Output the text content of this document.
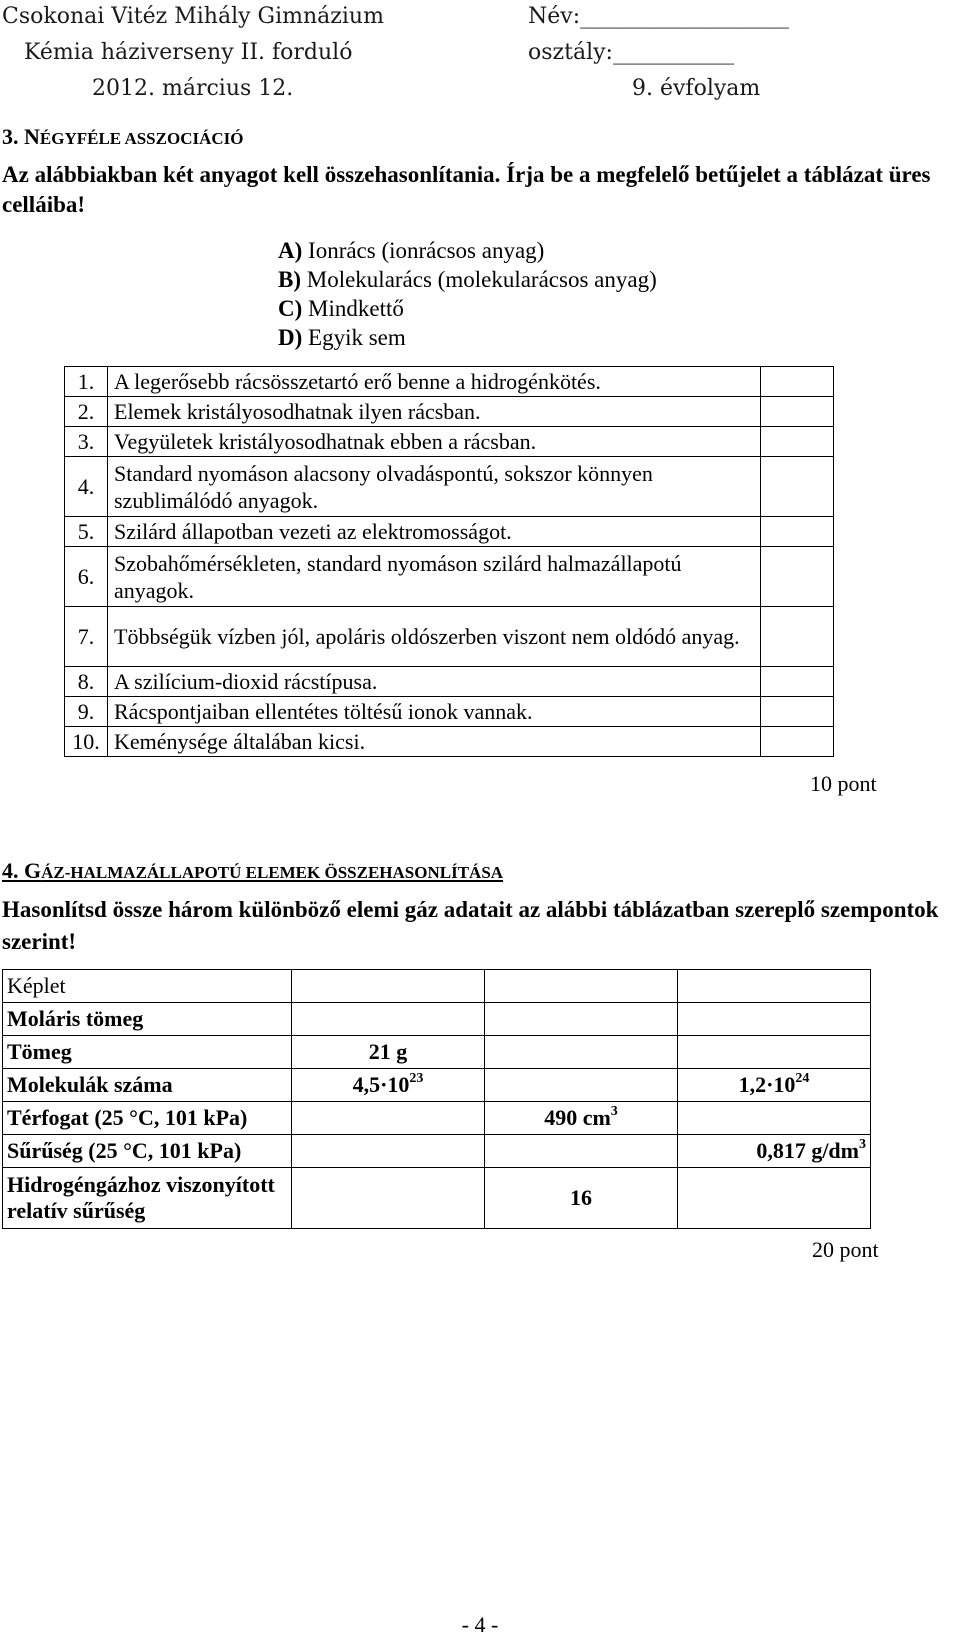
Csokonai Vitéz Mihály Gimnázium	Név:___________________
Kémia háziverseny II. forduló	osztály:___________
2012. március 12.	9. évfolyam
3. NÉGYFÉLE ASSZOCIÁCIÓ
Az alábbiakban két anyagot kell összehasonlítania. Írja be a megfelelő betűjelet a táblázat üres celláiba!
A) Ionrács (ionrácsos anyag)
B) Molekularács (molekularácsos anyag)
C) Mindkettő
D) Egyik sem
1.	A legerősebb rácsösszetartó erő benne a hidrogénkötés.	
2.	Elemek kristályosodhatnak ilyen rácsban.	
3.	Vegyületek kristályosodhatnak ebben a rácsban.	
4.	Standard nyomáson alacsony olvadáspontú, sokszor könnyen szublimálódó anyagok.	
5.	Szilárd állapotban vezeti az elektromosságot.	
6.	Szobahőmérsékleten, standard nyomáson szilárd halmazállapotú anyagok.	
7.	Többségük vízben jól, apoláris oldószerben viszont nem oldódó anyag.	
8.	A szilícium-dioxid rácstípusa.	
9.	Rácspontjaiban ellentétes töltésű ionok vannak.	
10.	Keménysége általában kicsi.	
10 pont
4. GÁZ-HALMAZÁLLAPOTÚ ELEMEK ÖSSZEHASONLÍTÁSA
Hasonlítsd össze három különböző elemi gáz adatait az alábbi táblázatban szereplő szempontok szerint!
Képlet			
Moláris tömeg			
Tömeg	21 g		
Molekulák száma	$4,5\cdot 10^{23}$		$1,2\cdot 10^{24}$
Térfogat (25 °C, 101 kPa)		490 $cm^3$	
Sűrűség (25 °C, 101 kPa)			0,817 $g/dm^3$
Hidrogéngázhoz viszonyított relatív sűrűség		16	
20 pont
- 4 -
